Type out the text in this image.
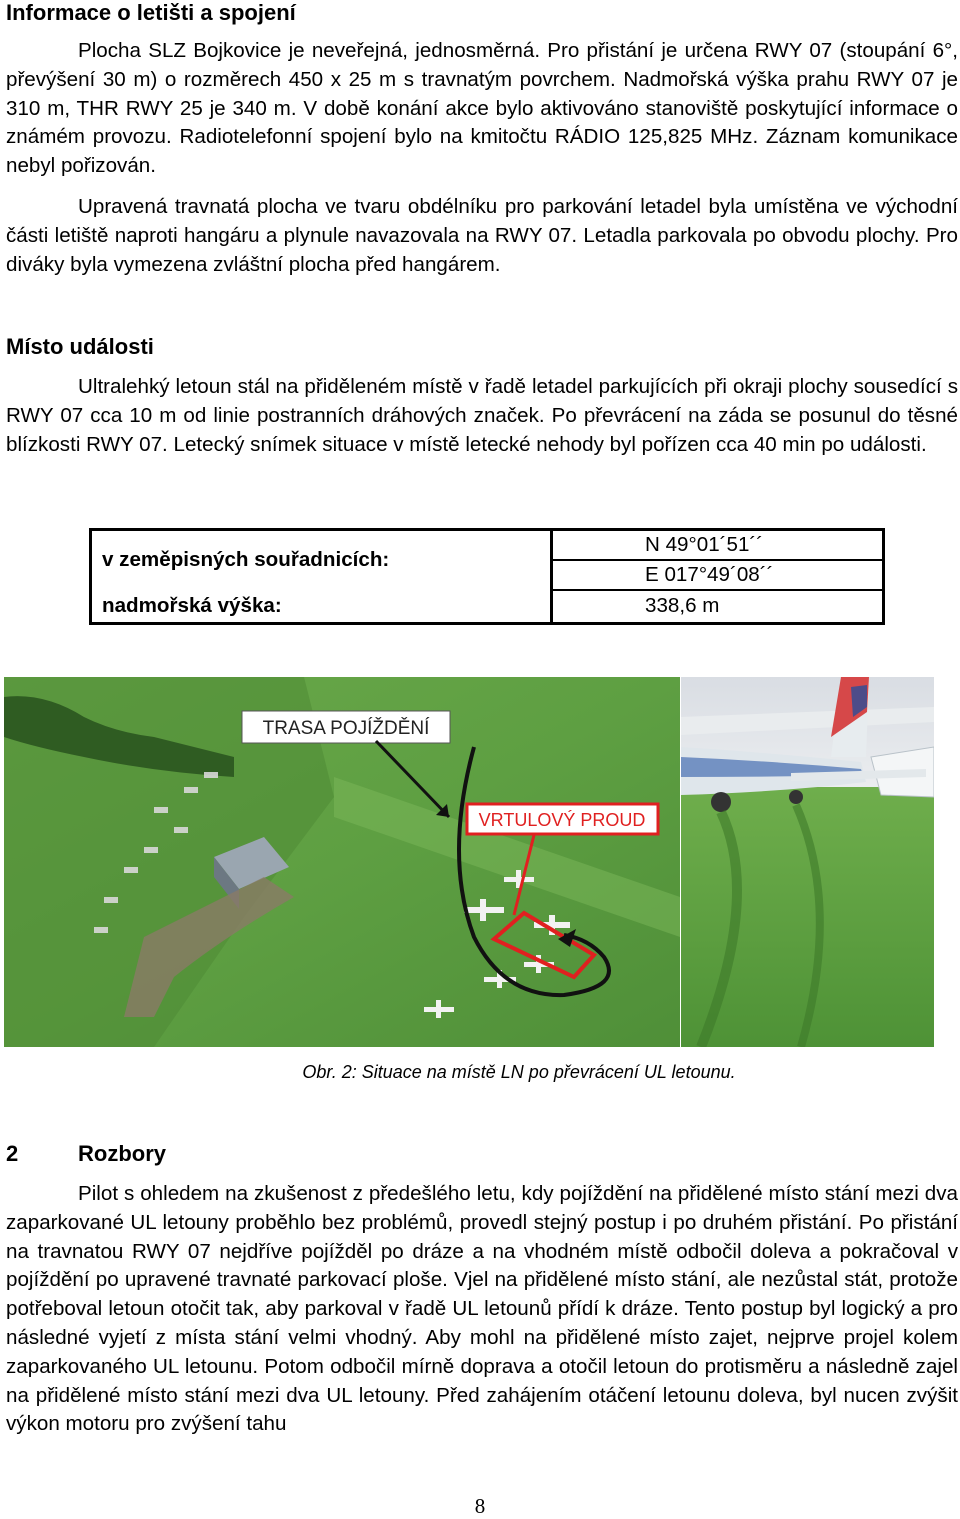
Informace o letišti a spojení

Plocha SLZ Bojkovice je neveřejná, jednosměrná. Pro přistání je určena RWY 07 (stoupání 6°, převýšení 30 m) o rozměrech 450 x 25 m s travnatým povrchem. Nadmořská výška prahu RWY 07 je 310 m, THR RWY 25 je 340 m. V době konání akce bylo aktivováno stanoviště poskytující informace o známém provozu. Radiotelefonní spojení bylo na kmitočtu RÁDIO 125,825 MHz. Záznam komunikace nebyl pořizován.

Upravená travnatá plocha ve tvaru obdélníku pro parkování letadel byla umístěna ve východní části letiště naproti hangáru a plynule navazovala na RWY 07. Letadla parkovala po obvodu plochy. Pro diváky byla vymezena zvláštní plocha před hangárem.

Místo události

Ultralehký letoun stál na přiděleném místě v řadě letadel parkujících při okraji plochy sousedící s RWY 07 cca 10 m od linie postranních dráhových značek. Po převrácení na záda se posunul do těsné blízkosti RWY 07. Letecký snímek situace v místě letecké nehody byl pořízen cca 40 min po události.

v zeměpisných souřadnicích:	N 49°01´51´´
	E 017°49´08´´
nadmořská výška:	338,6 m
TRASA POJÍŽDĚNÍ
VRTULOVÝ PROUD

Obr. 2: Situace na místě LN po převrácení UL letounu.

2	Rozbory

Pilot s ohledem na zkušenost z předešlého letu, kdy pojíždění na přidělené místo stání mezi dva zaparkované UL letouny proběhlo bez problémů, provedl stejný postup i po druhém přistání. Po přistání na travnatou RWY 07 nejdříve pojížděl po dráze a na vhodném místě odbočil doleva a pokračoval v pojíždění po upravené travnaté parkovací ploše. Vjel na přidělené místo stání, ale nezůstal stát, protože potřeboval letoun otočit tak, aby parkoval v řadě UL letounů přídí k dráze. Tento postup byl logický a pro následné vyjetí z místa stání velmi vhodný. Aby mohl na přidělené místo zajet, nejprve projel kolem zaparkovaného UL letounu. Potom odbočil mírně doprava a otočil letoun do protisměru a následně zajel na přidělené místo stání mezi dva UL letouny. Před zahájením otáčení letounu doleva, byl nucen zvýšit výkon motoru pro zvýšení tahu

8
